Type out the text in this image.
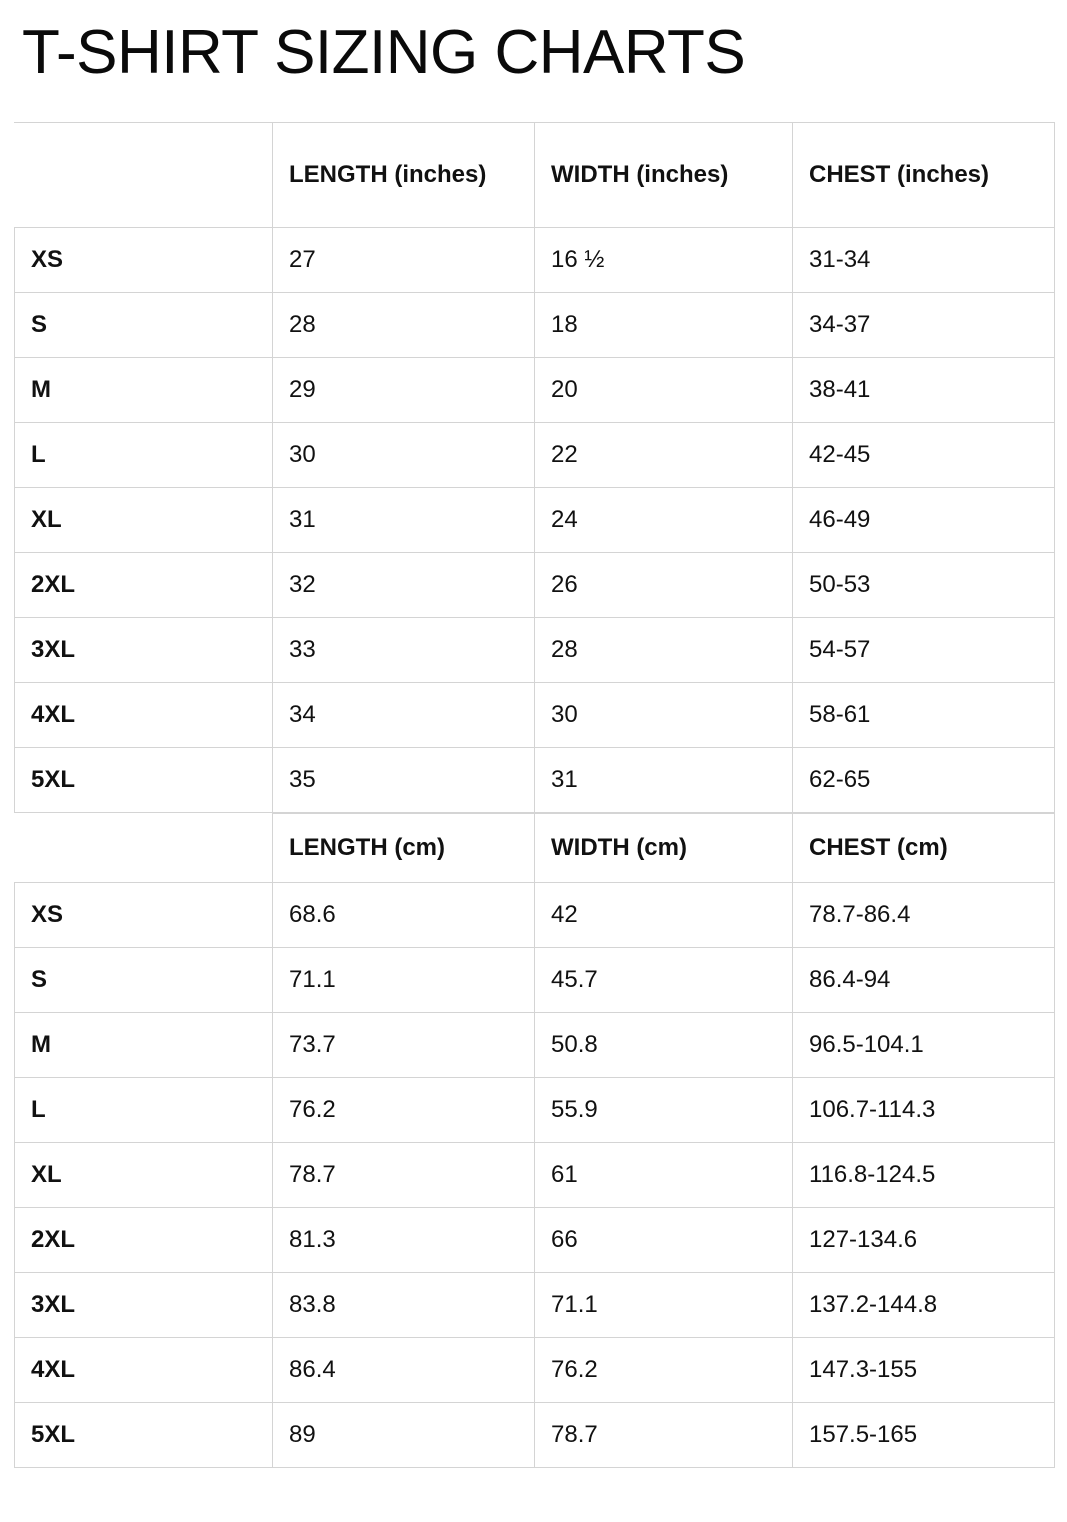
T-SHIRT SIZING CHARTS
	LENGTH (inches)	WIDTH (inches)	CHEST (inches)
XS	27	16 ½	31-34
S	28	18	34-37
M	29	20	38-41
L	30	22	42-45
XL	31	24	46-49
2XL	32	26	50-53
3XL	33	28	54-57
4XL	34	30	58-61
5XL	35	31	62-65
	LENGTH (cm)	WIDTH (cm)	CHEST (cm)
XS	68.6	42	78.7-86.4
S	71.1	45.7	86.4-94
M	73.7	50.8	96.5-104.1
L	76.2	55.9	106.7-114.3
XL	78.7	61	116.8-124.5
2XL	81.3	66	127-134.6
3XL	83.8	71.1	137.2-144.8
4XL	86.4	76.2	147.3-155
5XL	89	78.7	157.5-165
